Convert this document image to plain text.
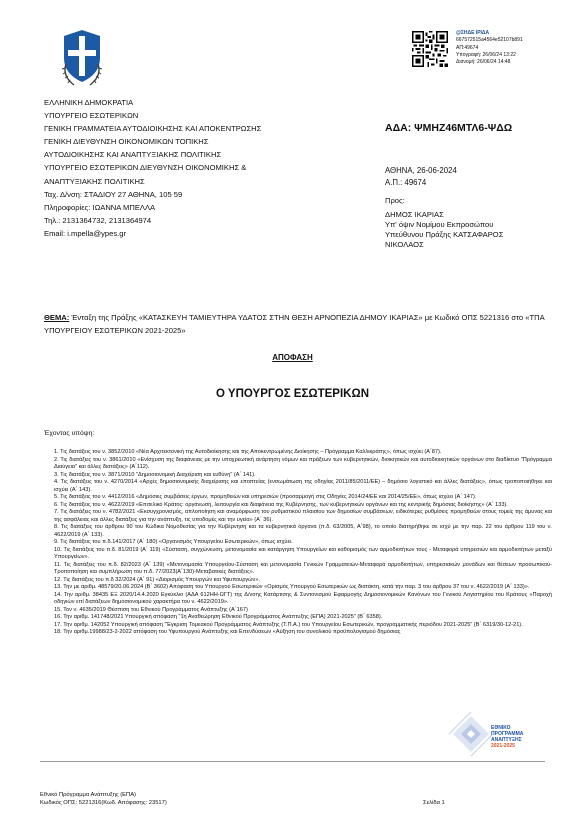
ΕΛΛΗΝΙΚΗ ΔΗΜΟΚΡΑΤΙΑ
ΥΠΟΥΡΓΕΙΟ ΕΣΩΤΕΡΙΚΩΝ
ΓΕΝΙΚΗ ΓΡΑΜΜΑΤΕΙΑ ΑΥΤΟΔΙΟΙΚΗΣΗΣ ΚΑΙ ΑΠΟΚΕΝΤΡΩΣΗΣ
ΓΕΝΙΚΗ ΔΙΕΥΘΥΝΣΗ ΟΙΚΟΝΟΜΙΚΩΝ ΤΟΠΙΚΗΣ
ΑΥΤΟΔΙΟΙΚΗΣΗΣ ΚΑΙ ΑΝΑΠΤΥΞΙΑΚΗΣ ΠΟΛΙΤΙΚΗΣ
ΥΠΟΥΡΓΕΙΟ ΕΣΩΤΕΡΙΚΩΝ ΔΙΕΥΘΥΝΣΗ ΟΙΚΟΝΟΜΙΚΗΣ &
ΑΝΑΠΤΥΞΙΑΚΗΣ ΠΟΛΙΤΙΚΗΣ
Ταχ. Δ/νση: ΣΤΑΔΙΟΥ 27 ΑΘΗΝΑ, 105 59
Πληροφορίες: ΙΩΑΝΝΑ ΜΠΕΛΛΑ
Τηλ.: 2131364732, 2131364974
Email: i.mpella@ypes.gr
@ΣΗΔΕ ΙΡΙΔΑ
667572515a4564e52107b891
ΑΠ:49674
Υπογραφή: 26/06/24 13:22
Διανομή: 26/06/24 14:48
ΑΔΑ: ΨΜΗΖ46ΜΤΛ6-ΨΔΩ
ΑΘΗΝΑ, 26-06-2024
Α.Π.: 49674
Προς:
ΔΗΜΟΣ ΙΚΑΡΙΑΣ
Υπ' όψιν Νομίμου Εκπροσώπου
Υπεύθυνου Πράξης ΚΑΤΣΑΦΑΡΟΣ
ΝΙΚΟΛΑΟΣ
ΘΕΜΑ: Ένταξη της Πράξης «ΚΑΤΑΣΚΕΥΗ ΤΑΜΙΕΥΤΗΡΑ ΥΔΑΤΟΣ ΣΤΗΝ ΘΕΣΗ ΑΡΝΟΠΕΖΙΑ ΔΗΜΟΥ ΙΚΑΡΙΑΣ» με Κωδικό ΟΠΣ 5221316 στο «ΤΠΑ ΥΠΟΥΡΓΕΙΟΥ ΕΣΩΤΕΡΙΚΩΝ 2021-2025»
ΑΠΟΦΑΣΗ
Ο ΥΠΟΥΡΓΟΣ ΕΣΩΤΕΡΙΚΩΝ
Έχοντας υπόψη:
1. Τις διατάξεις του ν. 3852/2010 «Νέα Αρχιτεκτονική της Αυτοδιοίκησης και της Αποκεντρωμένης Διοίκησης – Πρόγραμμα Καλλικράτης», όπως ισχύει (Α΄87).
2. Τις διατάξεις του ν. 3861/2010 «Ενίσχυση της διαφάνειας με την υποχρεωτική ανάρτηση νόμων και πράξεων των κυβερνητικών, διοικητικών και αυτοδιοικητικών οργάνων στο διαδίκτυο "Πρόγραμμα Διαύγεια" και άλλες διατάξεις» (Α΄112).
3. Τις διατάξεις του ν. 3871/2010 "Δημοσιονομική Διαχείριση και ευθύνη" (Α΄ 141).
4. Τις διατάξεις του ν. 4270/2014 «Αρχές δημοσιονομικής διαχείρισης και εποπτείας (ενσωμάτωση της οδηγίας 2011/85/2011/ΕΕ) – δημόσιο λογιστικό και άλλες διατάξεις», όπως τροποποιήθηκε και ισχύει (Α΄ 143).
5. Τις διατάξεις του ν. 4412/2016 «Δημόσιες συμβάσεις έργων, προμηθειών και υπηρεσιών (προσαρμογή στις Οδηγίες 2014/24/ΕΕ και 2014/25/ΕΕ», όπως ισχύει (Α΄ 147).
6. Τις διατάξεις του ν. 4622/2019 «Επιτελικό Κράτος: οργάνωση, λειτουργία και διαφάνεια της Κυβέρνησης, των κυβερνητικών οργάνων και της κεντρικής δημόσιας διοίκησης» (Α΄ 133).
7. Τις διατάξεις του ν. 4782/2021 «Εκσυγχρονισμός, απλοποίηση και αναμόρφωση του ρυθμιστικού πλαισίου των δημοσίων συμβάσεων, ειδικότερες ρυθμίσεις προμηθειών στους τομείς της άμυνας και της ασφάλειας και άλλες διατάξεις για την ανάπτυξη, τις υποδομές και την υγεία» (Α΄ 36).
8. Τις διατάξεις του άρθρου 90 του Κώδικα Νομοθεσίας για την Κυβέρνηση και τα κυβερνητικά όργανα (π.δ. 63/2005, Α΄98), το οποίο διατηρήθηκε σε ισχύ με την παρ. 22 του άρθρου 119 του ν. 4622/2019 (Α΄ 133).
9. Τις διατάξεις του π.δ.141/2017 (Α΄ 180) «Οργανισμός Υπουργείου Εσωτερικών», όπως ισχύει.
10. Τις διατάξεις του π.δ. 81/2019 (Α΄ 119) «Σύσταση, συγχώνευση, μετονομασία και κατάργηση Υπουργείων και καθορισμός των αρμοδιοτήτων τους - Μεταφορά υπηρεσιών και αρμοδιοτήτων μεταξύ Υπουργείων».
11. Τις διατάξεις του π.δ. 82/2023 (Α΄ 139) «Μετονομασία Υπουργείου-Σύσταση και μετονομασία Γενικών Γραμματειών-Μεταφορά αρμοδιοτήτων, υπηρεσιακών μονάδων και θέσεων προσωπικού-Τροποποίηση και συμπλήρωση του π.δ. 77/2023(Α΄130)-Μεταβατικές διατάξεις».
12. Τις διατάξεις του π.δ 32/2024 (Α΄ 91) «Διορισμός Υπουργών και Υφυπουργών».
13. Την με αριθμ. 48579/20.06.2024 (Β΄ 3602) Απόφαση του Υπουργού Εσωτερικών «Ορισμός Υπουργού Εσωτερικών ως διατάκτη, κατά την παρ. 3 του άρθρου 37 του ν. 4622/2019 (Α΄ 133)».
14. Την αριθμ. 38435 ΕΞ 2020/14.4.2020 Εγκύκλιο (ΑΔΑ 612ΗΗ-ΩΓΤ) της Δ/νσης Κατάρτισης & Συντονισμού Εφαρμογής Δημοσιονομικών Κανόνων του Γενικού Λογιστηρίου του Κράτους «Παροχή οδηγιών επί διατάξεων δημοσιονομικού χαρακτήρα του ν. 4622/2019».
15. Τον ν. 4635/2019 Θέσπιση του Εθνικού Προγράμματος Ανάπτυξης (Α΄167)
16. Την αριθμ. 141748/2021 Υπουργική απόφαση "1η Αναθεώρηση Εθνικού Προγράμματος Ανάπτυξης (ΕΠΑ) 2021-2025" (Β΄ 6358).
17. Την αριθμ. 142052 Υπουργική απόφαση "Έγκριση Τομεακού Προγράμματος Ανάπτυξης (Τ.Π.Α.) του Υπουργείου Εσωτερικών, προγραμματικής περιόδου 2021-2025" (Β΄ 6319/30-12-21).
18. Την αριθμ.19988/23-2-2022 απόφαση του Υφυπουργού Ανάπτυξης και Επενδύσεων «Αύξηση του συνολικού προϋπολογισμού δημόσιας
ΕΘΝΙΚΟ
ΠΡΟΓΡΑΜΜΑ
ΑΝΑΠΤΥΞΗΣ
2021-2025
Εθνικό Πρόγραμμα Ανάπτυξης (ΕΠΑ)
Κωδικός ΟΠΣ: 5221316(Κωδ. Απόφασης: 23517)	Σελίδα 1
